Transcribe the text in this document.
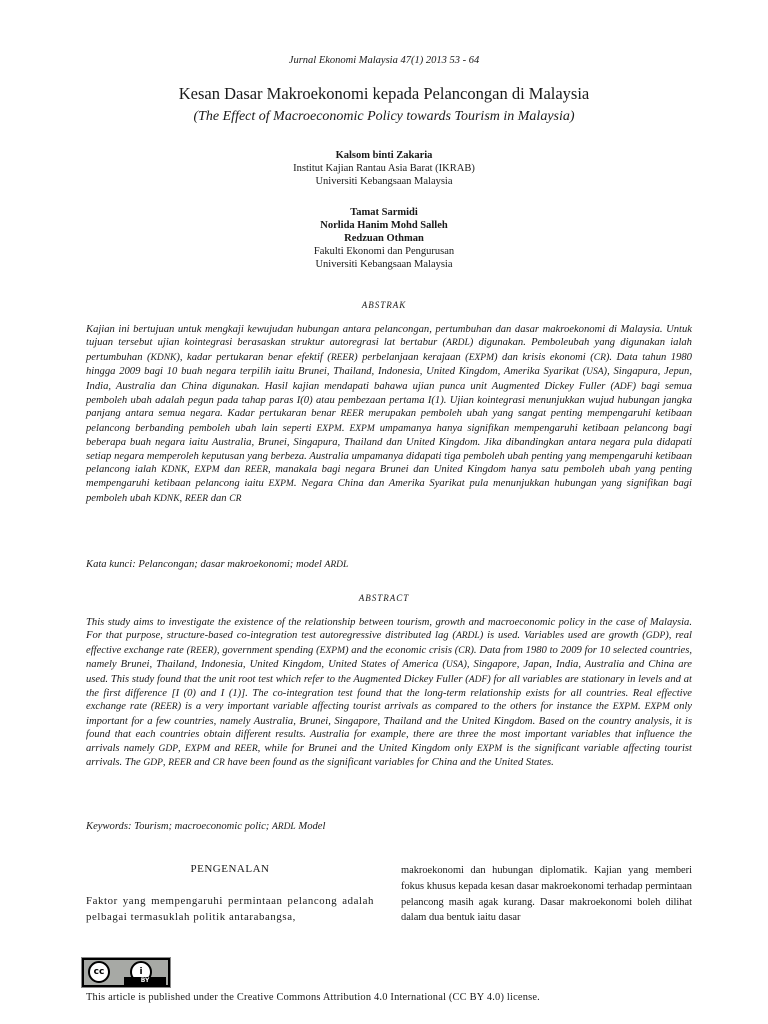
Jurnal Ekonomi Malaysia 47(1) 2013 53 - 64
Kesan Dasar Makroekonomi kepada Pelancongan di Malaysia
(The Effect of Macroeconomic Policy towards Tourism in Malaysia)
Kalsom binti Zakaria
Institut Kajian Rantau Asia Barat (IKRAB)
Universiti Kebangsaan Malaysia
Tamat Sarmidi
Norlida Hanim Mohd Salleh
Redzuan Othman
Fakulti Ekonomi dan Pengurusan
Universiti Kebangsaan Malaysia
ABSTRAK

Kajian ini bertujuan untuk mengkaji kewujudan hubungan antara pelancongan, pertumbuhan dan dasar makroekonomi di Malaysia. Untuk tujuan tersebut ujian kointegrasi berasaskan struktur autoregrasi lat bertabur (ARDL) digunakan. Pemboleubah yang digunakan ialah pertumbuhan (KDNK), kadar pertukaran benar efektif (REER) perbelanjaan kerajaan (EXPM) dan krisis ekonomi (CR). Data tahun 1980 hingga 2009 bagi 10 buah negara terpilih iaitu Brunei, Thailand, Indonesia, United Kingdom, Amerika Syarikat (USA), Singapura, Jepun, India, Australia dan China digunakan. Hasil kajian mendapati bahawa ujian punca unit Augmented Dickey Fuller (ADF) bagi semua pemboleh ubah adalah pegun pada tahap paras I(0) atau pembezaan pertama I(1). Ujian kointegrasi menunjukkan wujud hubungan jangka panjang antara semua negara. Kadar pertukaran benar REER merupakan pemboleh ubah yang sangat penting mempengaruhi ketibaan pelancong berbanding pemboleh ubah lain seperti EXPM. EXPM umpamanya hanya signifikan mempengaruhi ketibaan pelancong bagi beberapa buah negara iaitu Australia, Brunei, Singapura, Thailand dan United Kingdom. Jika dibandingkan antara negara pula didapati setiap negara memperoleh keputusan yang berbeza. Australia umpamanya didapati tiga pemboleh ubah penting yang mempengaruhi ketibaan pelancong ialah KDNK, EXPM dan REER, manakala bagi negara Brunei dan United Kingdom hanya satu pemboleh ubah yang penting mempengaruhi ketibaan pelancong iaitu EXPM. Negara China dan Amerika Syarikat pula menunjukkan hubungan yang signifikan bagi pemboleh ubah KDNK, REER dan CR

Kata kunci: Pelancongan; dasar makroekonomi; model ARDL

ABSTRACT

This study aims to investigate the existence of the relationship between tourism, growth and macroeconomic policy in the case of Malaysia. For that purpose, structure-based co-integration test autoregressive distributed lag (ARDL) is used. Variables used are growth (GDP), real effective exchange rate (REER), government spending (EXPM) and the economic crisis (CR). Data from 1980 to 2009 for 10 selected countries, namely Brunei, Thailand, Indonesia, United Kingdom, United States of America (USA), Singapore, Japan, India, Australia and China are used. This study found that the unit root test which refer to the Augmented Dickey Fuller (ADF) for all variables are stationary in levels and at the first difference [I (0) and I (1)]. The co-integration test found that the long-term relationship exists for all countries. Real effective exchange rate (REER) is a very important variable affecting tourist arrivals as compared to the others for instance the EXPM. EXPM only important for a few countries, namely Australia, Brunei, Singapore, Thailand and the United Kingdom. Based on the country analysis, it is found that each countries obtain different results. Australia for example, there are three the most important variables that influence the arrivals namely GDP, EXPM and REER, while for Brunei and the United Kingdom only EXPM is the significant variable affecting tourist arrivals. The GDP, REER and CR have been found as the significant variables for China and the United States.

Keywords: Tourism; macroeconomic polic; ARDL Model

PENGENALAN

Faktor yang mempengaruhi permintaan pelancong adalah pelbagai termasuklah politik antarabangsa,

makroekonomi dan hubungan diplomatik. Kajian yang memberi fokus khusus kepada kesan dasar makroekonomi terhadap permintaan pelancong masih agak kurang. Dasar makroekonomi boleh dilihat dalam dua bentuk iaitu dasar

cc	i
BY
This article is published under the Creative Commons Attribution 4.0 International (CC BY 4.0) license.
